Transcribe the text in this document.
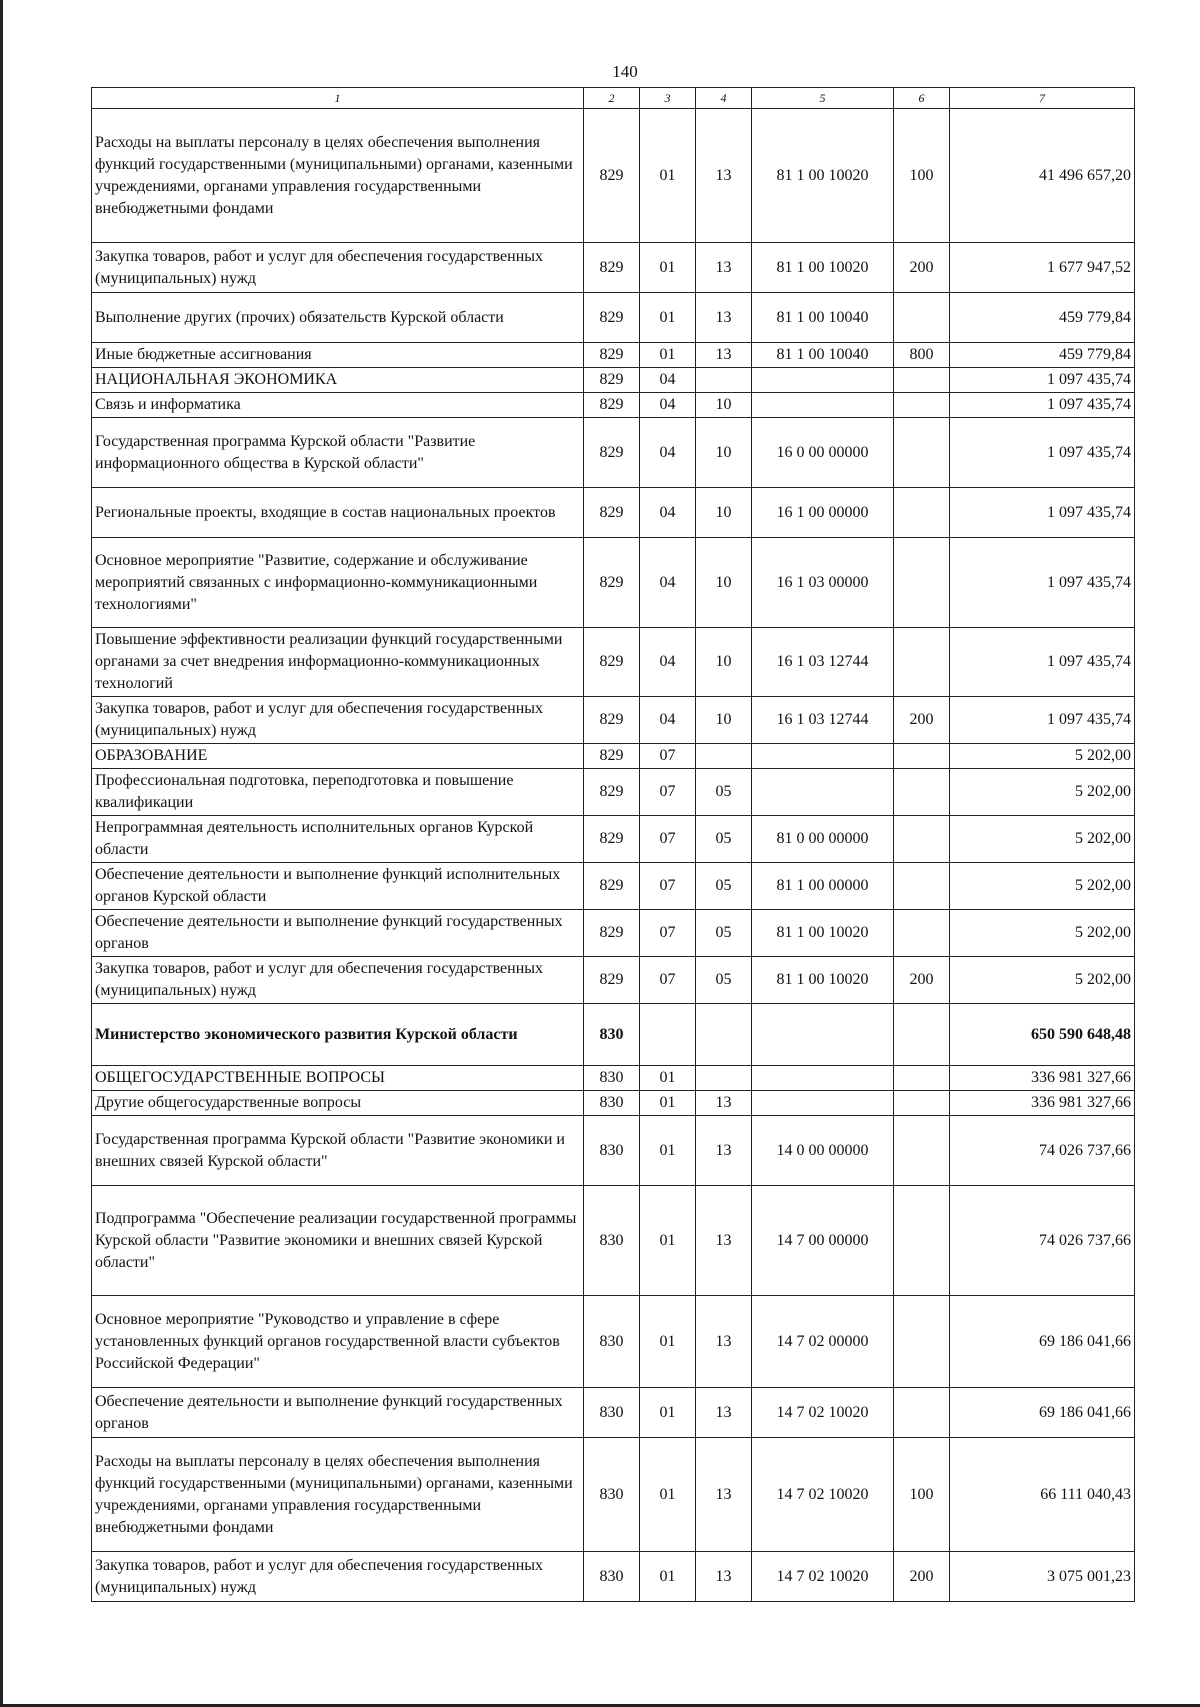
140
1	2	3	4	5	6	7
Расходы на выплаты персоналу в целях обеспечения выполнения функций государственными (муниципальными) органами, казенными учреждениями, органами управления государственными внебюджетными фондами	829	01	13	81 1 00 10020	100	41 496 657,20
Закупка товаров, работ и услуг для обеспечения государственных (муниципальных) нужд	829	01	13	81 1 00 10020	200	1 677 947,52
Выполнение других (прочих) обязательств Курской области	829	01	13	81 1 00 10040		459 779,84
Иные бюджетные ассигнования	829	01	13	81 1 00 10040	800	459 779,84
НАЦИОНАЛЬНАЯ ЭКОНОМИКА	829	04				1 097 435,74
Связь и информатика	829	04	10			1 097 435,74
Государственная программа Курской области "Развитие информационного общества в Курской области"	829	04	10	16 0 00 00000		1 097 435,74
Региональные проекты, входящие в состав национальных проектов	829	04	10	16 1 00 00000		1 097 435,74
Основное мероприятие "Развитие, содержание и обслуживание мероприятий связанных с информационно-коммуникационными технологиями"	829	04	10	16 1 03 00000		1 097 435,74
Повышение эффективности реализации функций государственными органами за счет внедрения информационно-коммуникационных технологий	829	04	10	16 1 03 12744		1 097 435,74
Закупка товаров, работ и услуг для обеспечения государственных (муниципальных) нужд	829	04	10	16 1 03 12744	200	1 097 435,74
ОБРАЗОВАНИЕ	829	07				5 202,00
Профессиональная подготовка, переподготовка и повышение квалификации	829	07	05			5 202,00
Непрограммная деятельность исполнительных органов Курской области	829	07	05	81 0 00 00000		5 202,00
Обеспечение деятельности и выполнение функций исполнительных органов Курской области	829	07	05	81 1 00 00000		5 202,00
Обеспечение деятельности и выполнение функций государственных органов	829	07	05	81 1 00 10020		5 202,00
Закупка товаров, работ и услуг для обеспечения государственных (муниципальных) нужд	829	07	05	81 1 00 10020	200	5 202,00
Министерство экономического развития Курской области	830					650 590 648,48
ОБЩЕГОСУДАРСТВЕННЫЕ ВОПРОСЫ	830	01				336 981 327,66
Другие общегосударственные вопросы	830	01	13			336 981 327,66
Государственная программа Курской области "Развитие экономики и внешних связей Курской области"	830	01	13	14 0 00 00000		74 026 737,66
Подпрограмма "Обеспечение реализации государственной программы Курской области "Развитие экономики и внешних связей Курской области"	830	01	13	14 7 00 00000		74 026 737,66
Основное мероприятие "Руководство и управление в сфере установленных функций органов государственной власти субъектов Российской Федерации"	830	01	13	14 7 02 00000		69 186 041,66
Обеспечение деятельности и выполнение функций государственных органов	830	01	13	14 7 02 10020		69 186 041,66
Расходы на выплаты персоналу в целях обеспечения выполнения функций государственными (муниципальными) органами, казенными учреждениями, органами управления государственными внебюджетными фондами	830	01	13	14 7 02 10020	100	66 111 040,43
Закупка товаров, работ и услуг для обеспечения государственных (муниципальных) нужд	830	01	13	14 7 02 10020	200	3 075 001,23
